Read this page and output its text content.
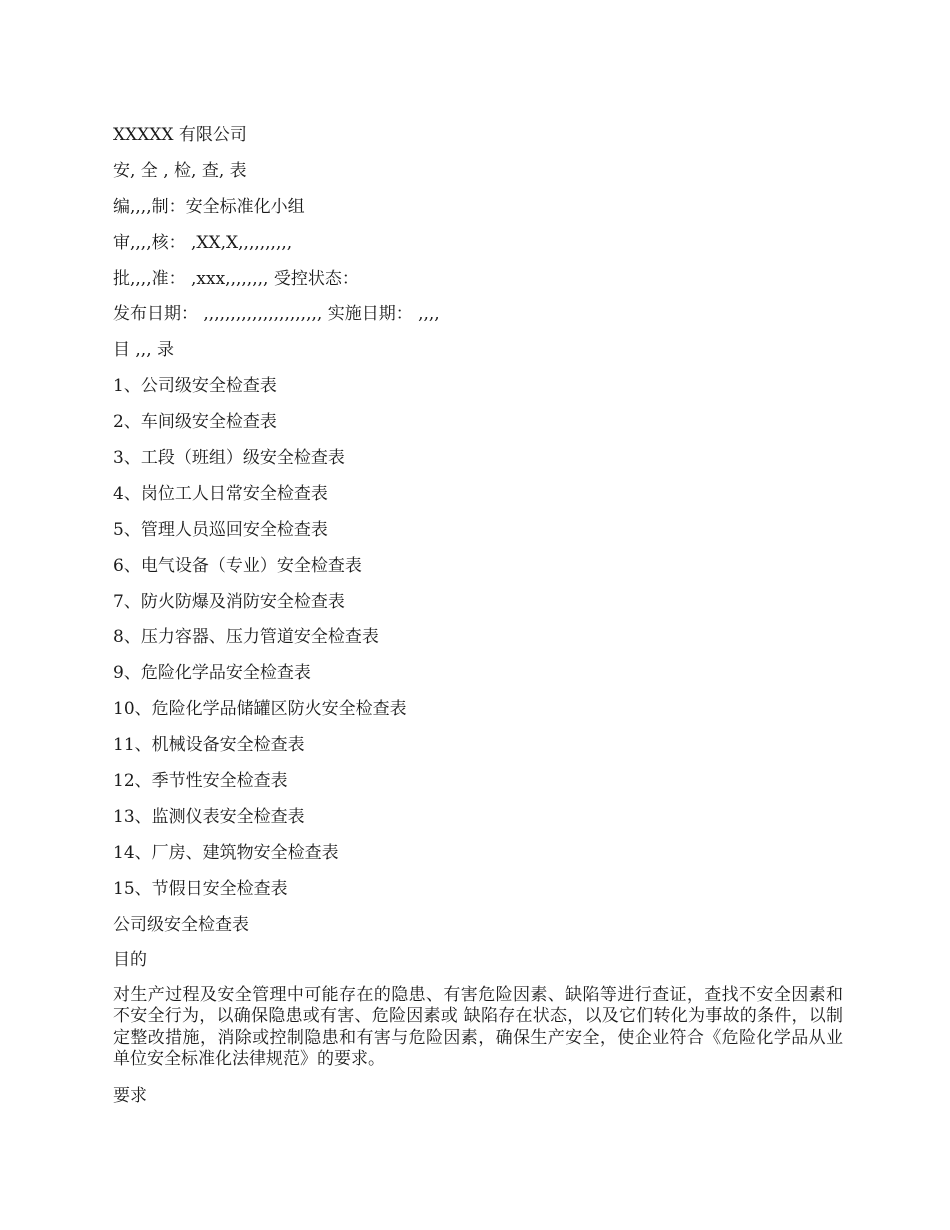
XXXXX 有限公司
安, 全 , 检, 查, 表
编,,,,制：安全标准化小组
审,,,,核： ,XX,X,,,,,,,,,,
批,,,,准： ,xxx,,,,,,,, 受控状态：
发布日期： ,,,,,,,,,,,,,,,,,,,,,, 实施日期： ,,,,
目 ,,, 录
1、公司级安全检查表
2、车间级安全检查表
3、工段（班组）级安全检查表
4、岗位工人日常安全检查表
5、管理人员巡回安全检查表
6、电气设备（专业）安全检查表
7、防火防爆及消防安全检查表
8、压力容器、压力管道安全检查表
9、危险化学品安全检查表
10、危险化学品储罐区防火安全检查表
11、机械设备安全检查表
12、季节性安全检查表
13、监测仪表安全检查表
14、厂房、建筑物安全检查表
15、节假日安全检查表
公司级安全检查表
目的
对生产过程及安全管理中可能存在的隐患、有害危险因素、缺陷等进行查证，查找不安全因素和不安全行为，以确保隐患或有害、危险因素或 缺陷存在状态，以及它们转化为事故的条件，以制定整改措施，消除或控制隐患和有害与危险因素，确保生产安全，使企业符合《危险化学品从业 单位安全标准化法律规范》的要求。
要求
